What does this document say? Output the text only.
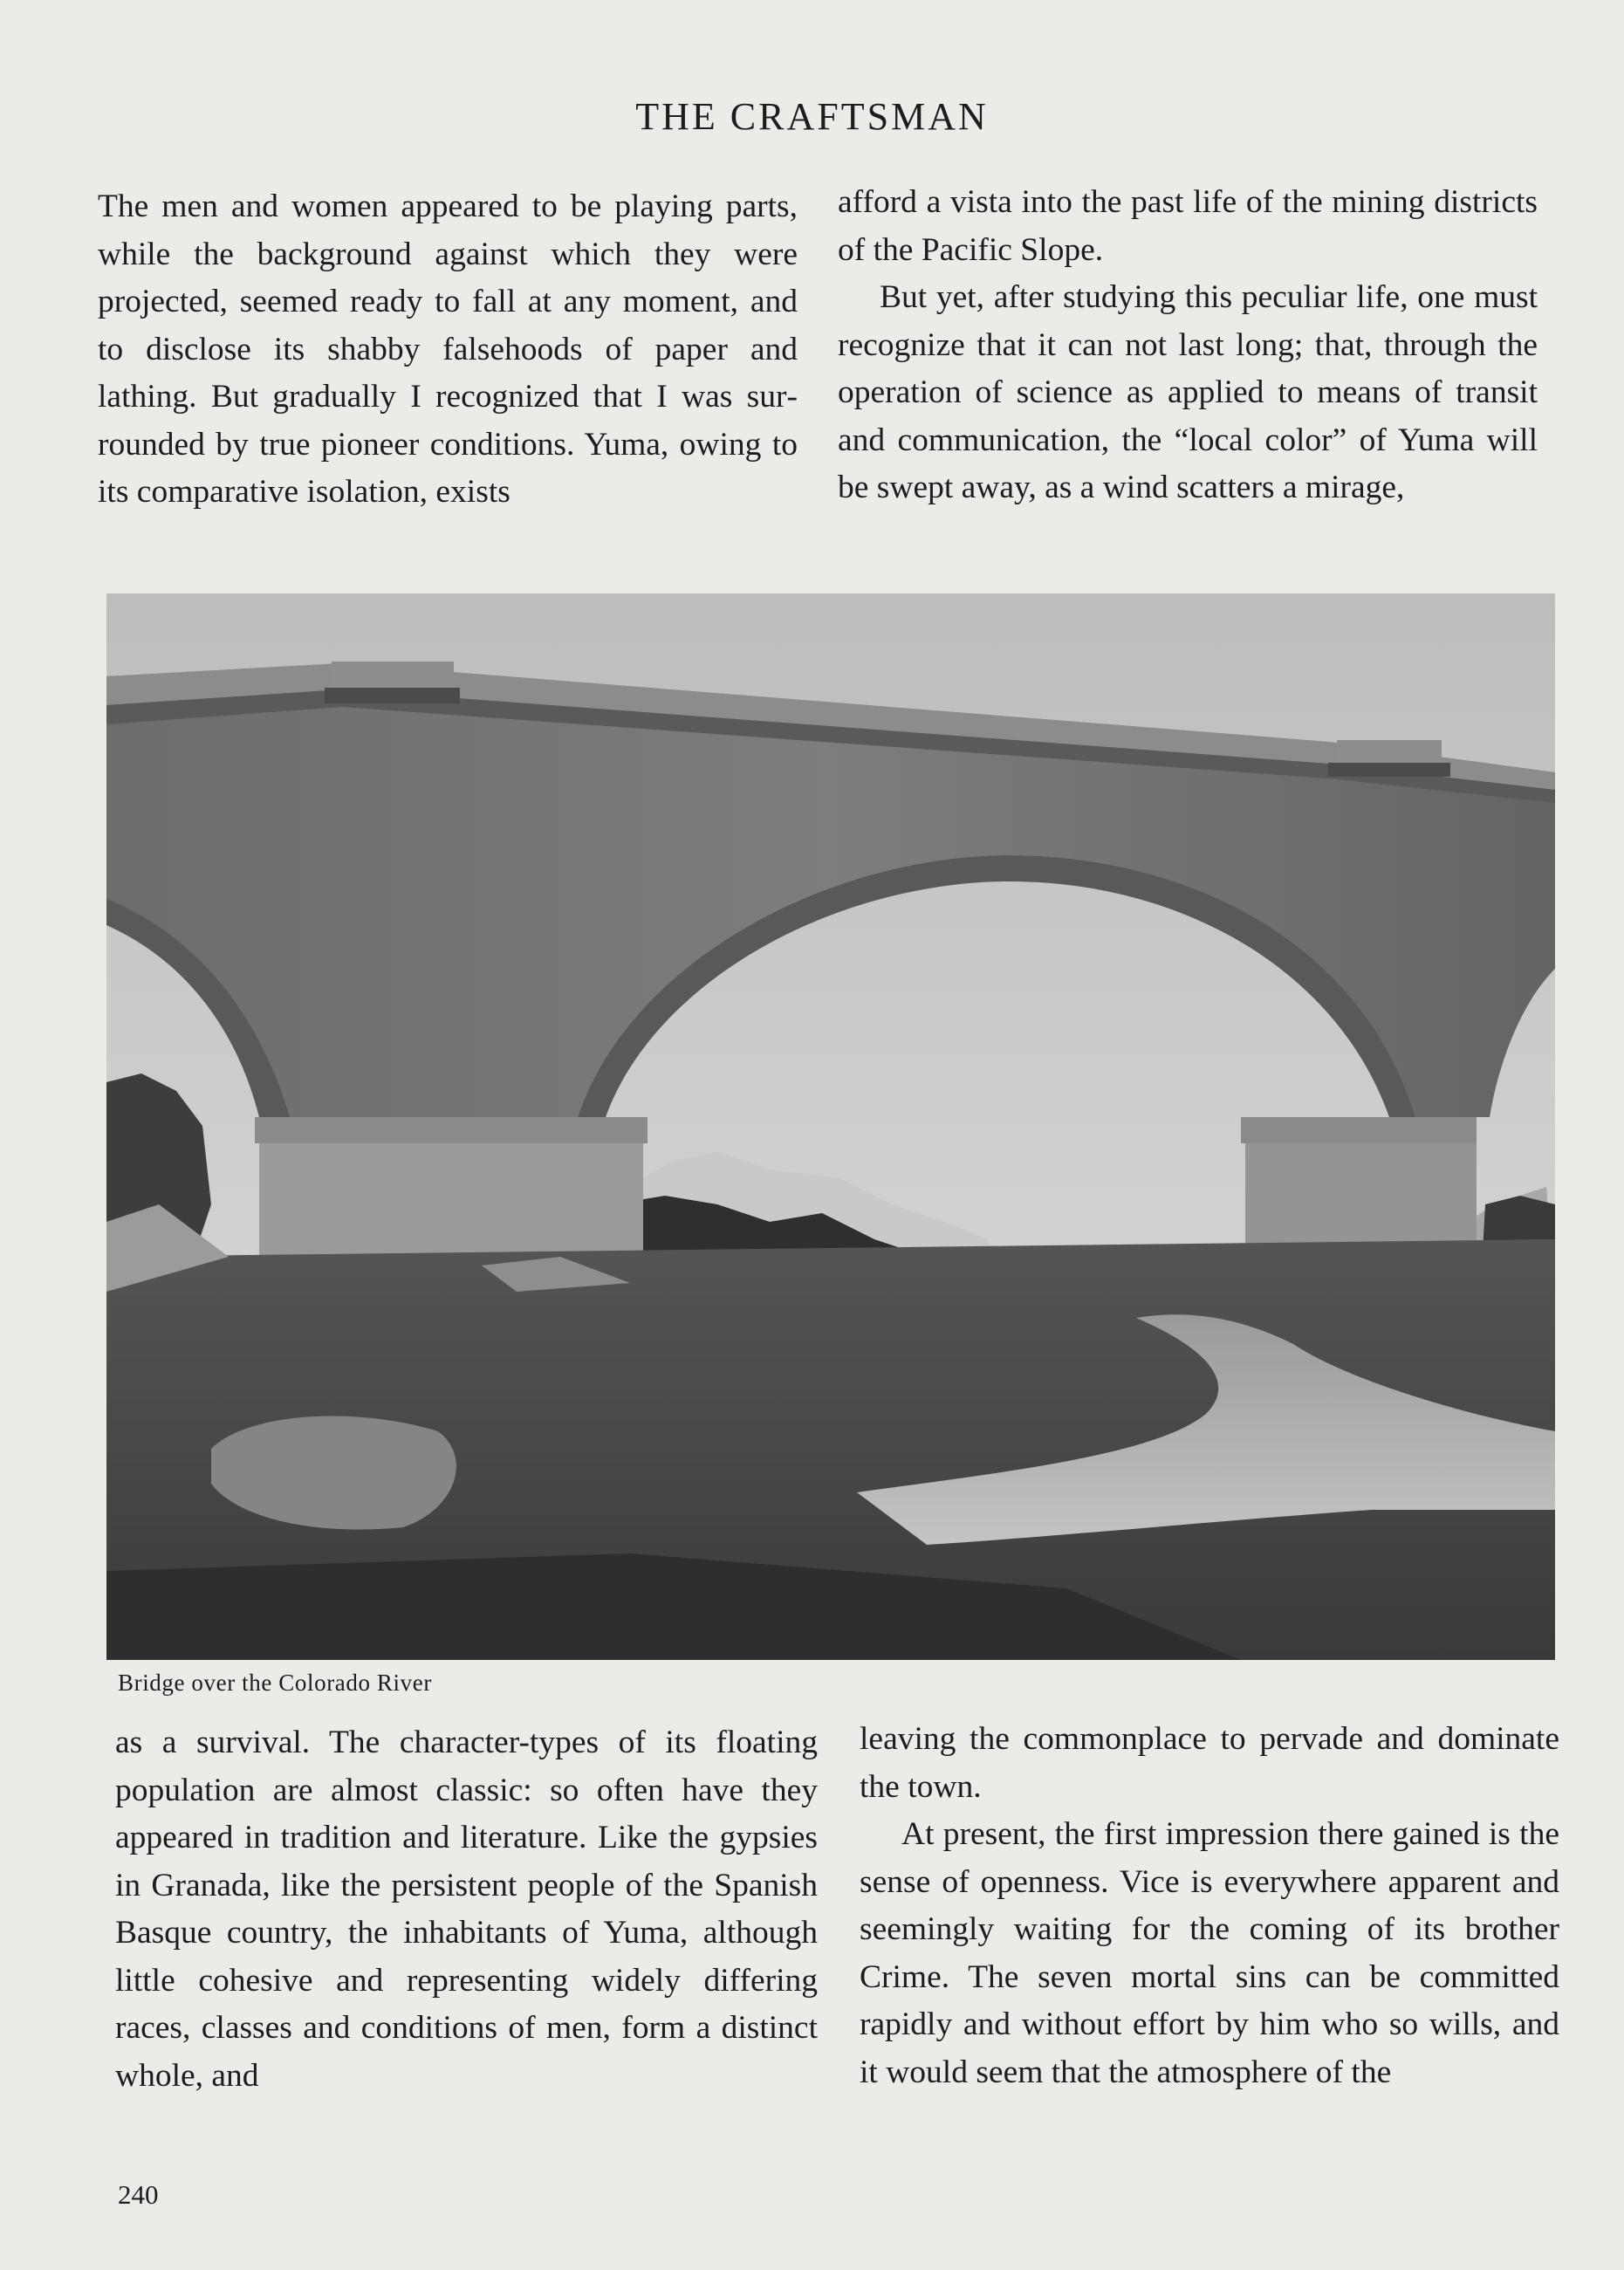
THE CRAFTSMAN

The men and women appeared to be playing parts, while the background against which they were projected, seemed ready to fall at any moment, and to disclose its shabby falsehoods of paper and lathing. But gradually I recognized that I was surrounded by true pioneer conditions. Yuma, owing to its comparative isolation, exists

afford a vista into the past life of the mining districts of the Pacific Slope.

But yet, after studying this peculiar life, one must recognize that it can not last long; that, through the operation of science as applied to means of transit and communication, the “local color” of Yuma will be swept away, as a wind scatters a mirage,

Bridge over the Colorado River

as a survival. The character-types of its floating population are almost classic: so often have they appeared in tradition and literature. Like the gypsies in Granada, like the persistent people of the Spanish Basque country, the inhabitants of Yuma, although little cohesive and representing widely differing races, classes and conditions of men, form a distinct whole, and

leaving the commonplace to pervade and dominate the town.

At present, the first impression there gained is the sense of openness. Vice is everywhere apparent and seemingly waiting for the coming of its brother Crime. The seven mortal sins can be committed rapidly and without effort by him who so wills, and it would seem that the atmosphere of the

240
